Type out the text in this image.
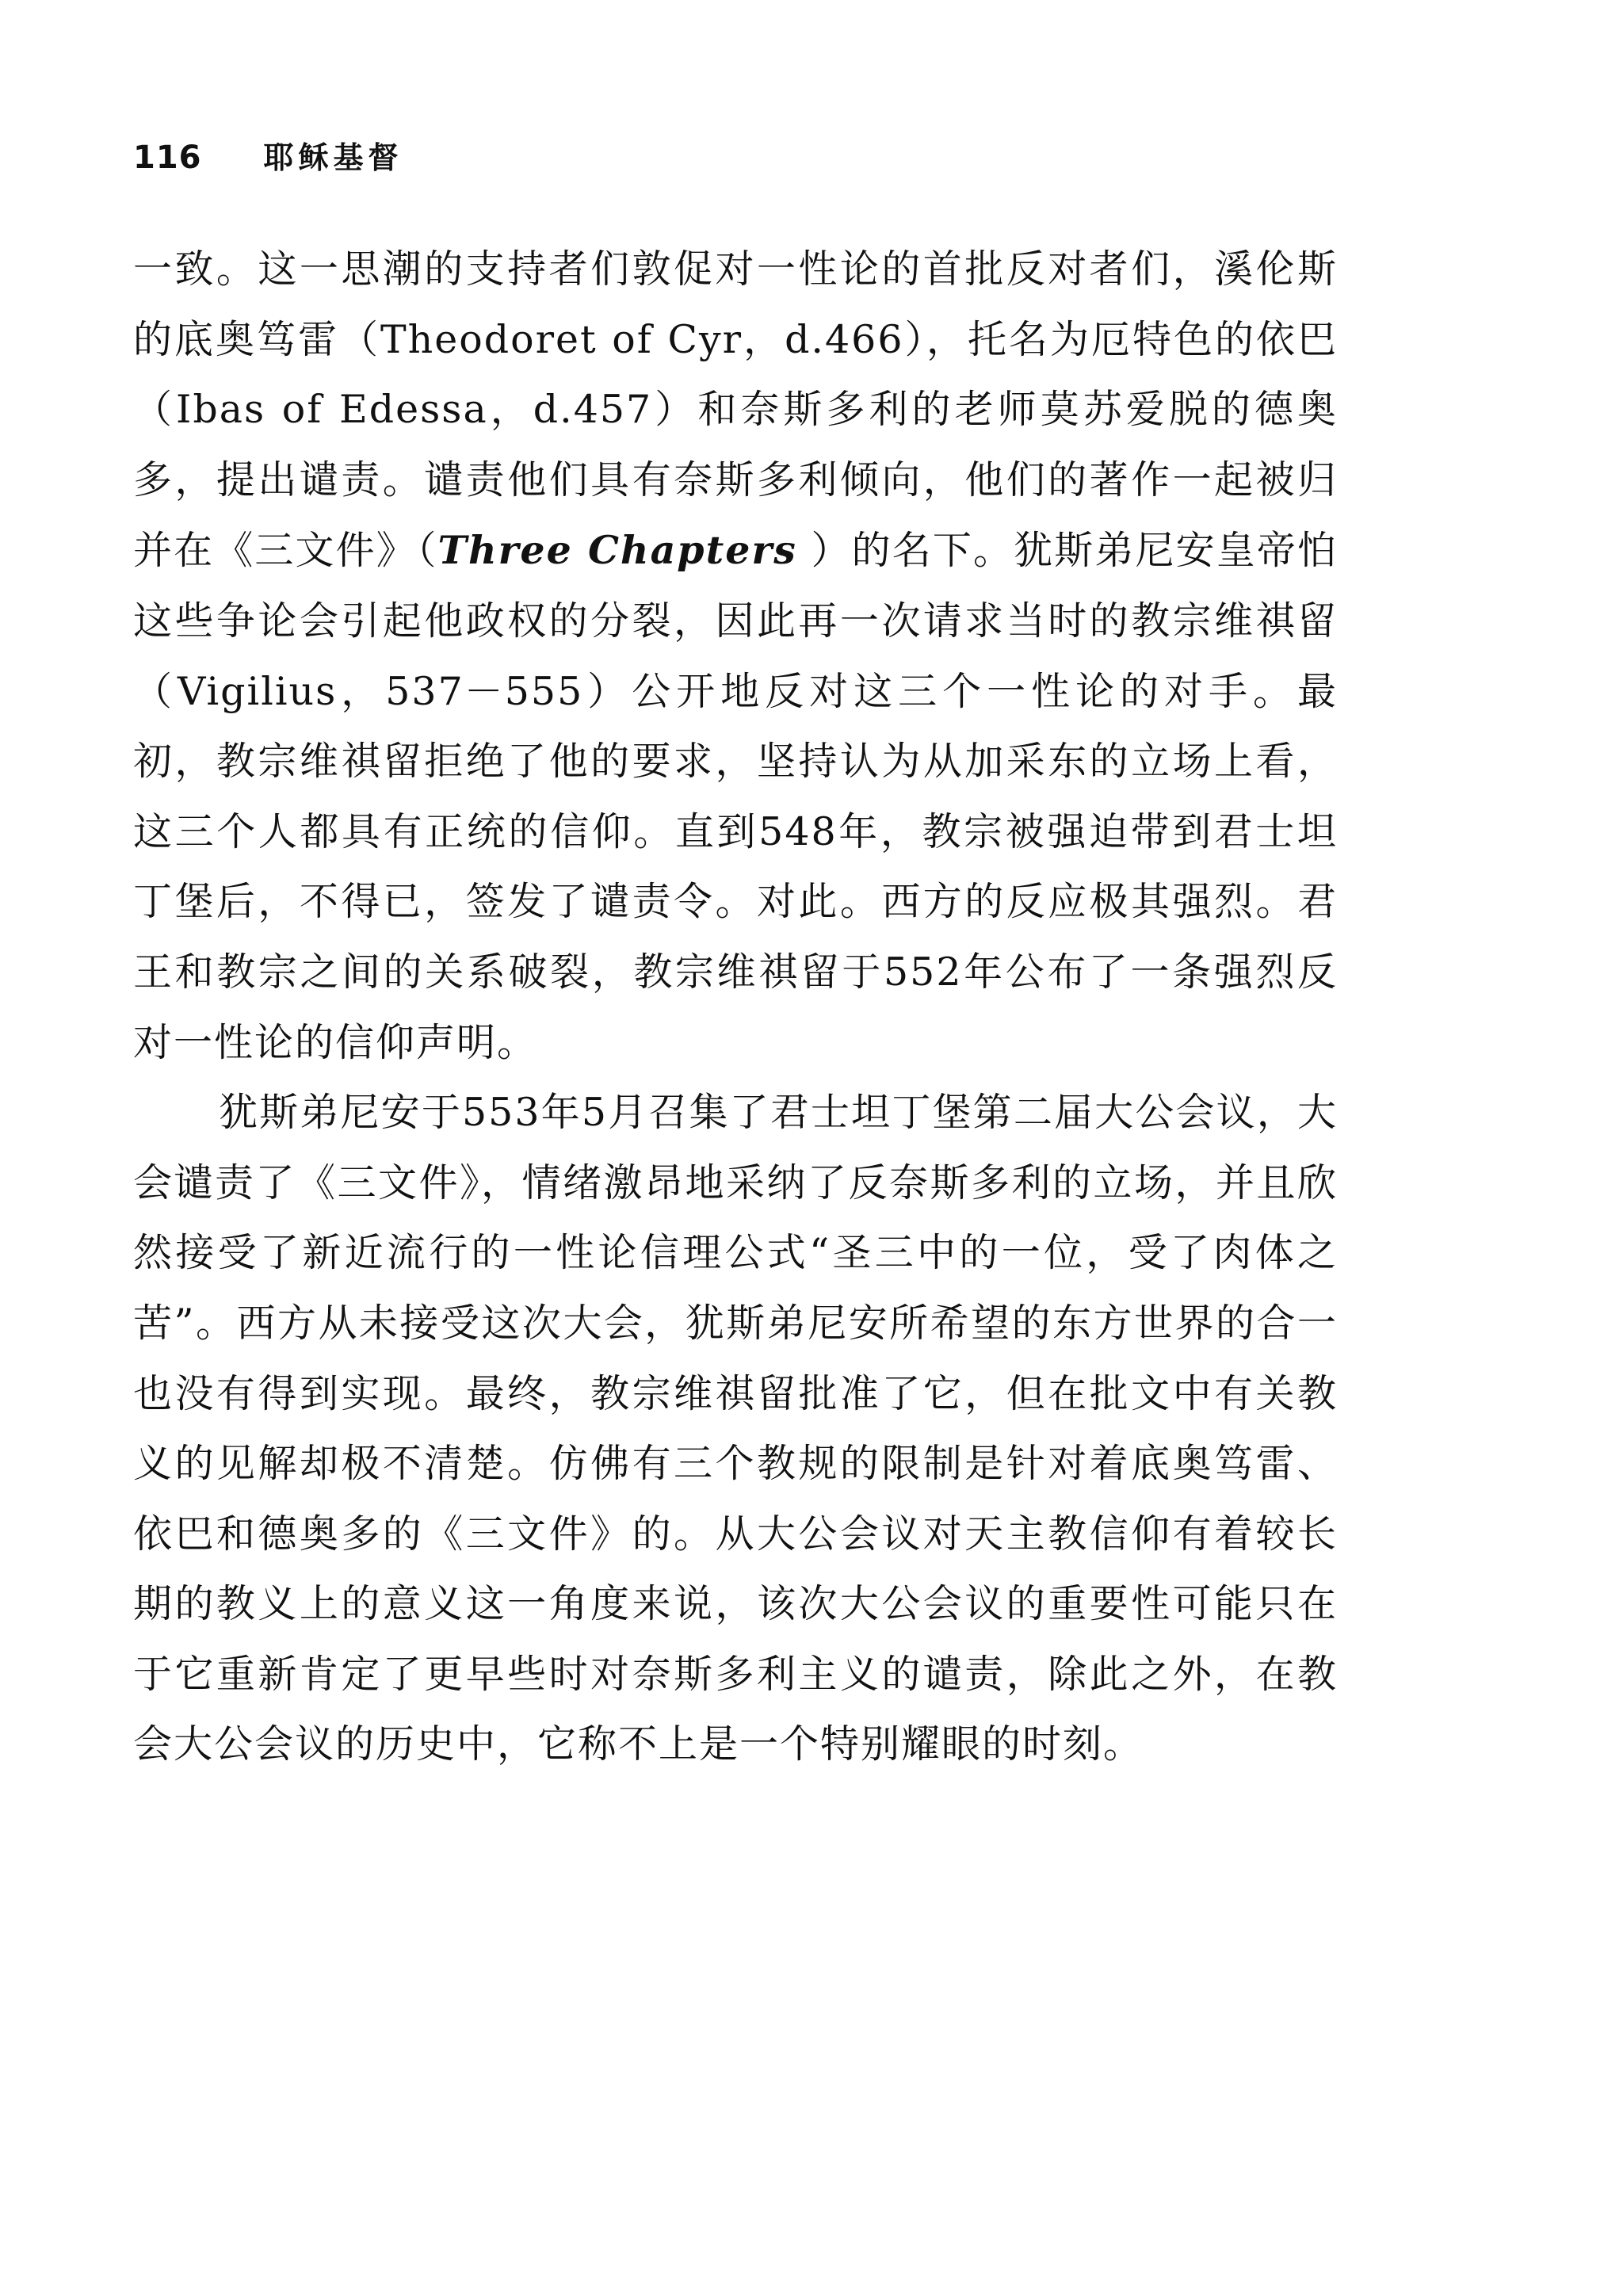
116 耶稣基督

一致。这一思潮的支持者们敦促对一性论的首批反对者们，溪伦斯的底奥笃雷（Theodoret of Cyr，d.466），托名为厄特色的依巴（Ibas of Edessa，d.457）和奈斯多利的老师莫苏爱脱的德奥多，提出谴责。谴责他们具有奈斯多利倾向，他们的著作一起被归并在《三文件》（Three Chapters ）的名下。犹斯弟尼安皇帝怕这些争论会引起他政权的分裂，因此再一次请求当时的教宗维祺留（Vigilius，537－555）公开地反对这三个一性论的对手。最初，教宗维祺留拒绝了他的要求，坚持认为从加采东的立场上看，这三个人都具有正统的信仰。直到548年，教宗被强迫带到君士坦丁堡后，不得已，签发了谴责令。对此。西方的反应极其强烈。君王和教宗之间的关系破裂，教宗维祺留于552年公布了一条强烈反对一性论的信仰声明。

犹斯弟尼安于553年5月召集了君士坦丁堡第二届大公会议，大会谴责了《三文件》，情绪激昂地采纳了反奈斯多利的立场，并且欣然接受了新近流行的一性论信理公式“圣三中的一位，受了肉体之苦”。西方从未接受这次大会，犹斯弟尼安所希望的东方世界的合一也没有得到实现。最终，教宗维祺留批准了它，但在批文中有关教义的见解却极不清楚。仿佛有三个教规的限制是针对着底奥笃雷、依巴和德奥多的《三文件》的。从大公会议对天主教信仰有着较长期的教义上的意义这一角度来说，该次大公会议的重要性可能只在于它重新肯定了更早些时对奈斯多利主义的谴责，除此之外，在教会大公会议的历史中，它称不上是一个特别耀眼的时刻。
